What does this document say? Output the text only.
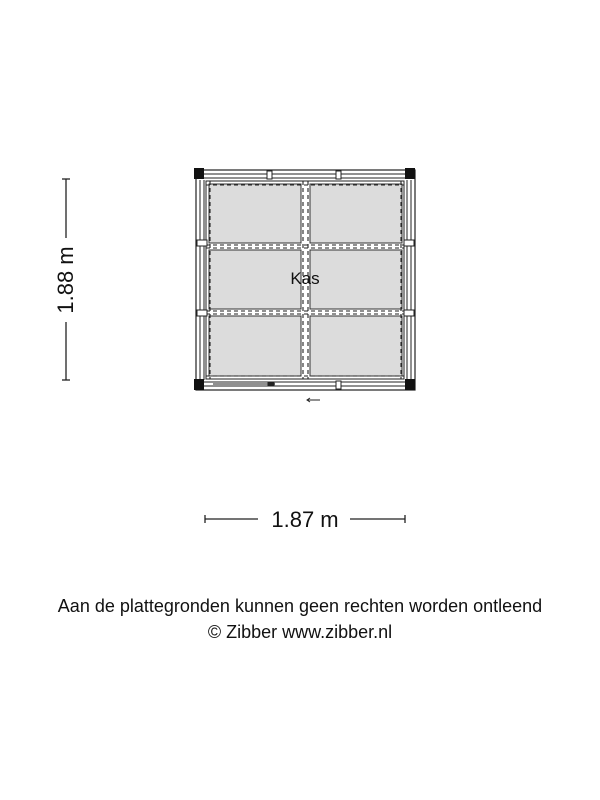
Kas
1.87 m
1.88 m
Aan de plattegronden kunnen geen rechten worden ontleend
© Zibber www.zibber.nl
